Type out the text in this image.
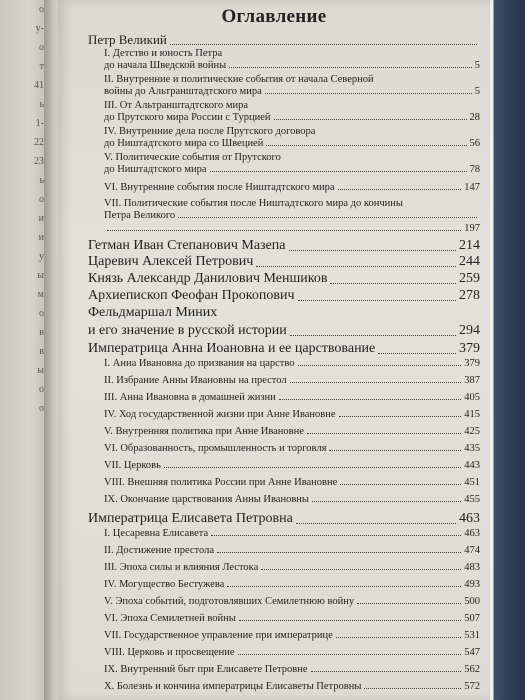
о
у-
о
т
41
ь
1-
22
23
ь
о
и
и
у
ы
м
о
в
в
ы
о
о
Оглавление
Петр Великий
I. Детство и юность Петра
до начала Шведской войны	5
II. Внутренние и политические события от начала Северной
войны до Альтранштадтского мира	5
III. От Альтранштадтского мира
до Прутского мира России с Турцией	28
IV. Внутренние дела после Прутского договора
до Ништадтского мира со Швецией	56
V. Политические события от Прутского
до Ништадтского мира	78
VI. Внутренние события после Ништадтского мира	147
VII. Политические события после Ништадтского мира до кончины
Петра Великого
197
Гетман Иван Степанович Мазепа	214
Царевич Алексей Петрович	244
Князь Александр Данилович Меншиков	259
Архиепископ Феофан Прокопович	278
Фельдмаршал Миних
и его значение в русской истории	294
Императрица Анна Иоановна и ее царствование	379
I. Анна Ивановна до призвания на царство	379
II. Избрание Анны Ивановны на престол	387
III. Анна Ивановна в домашней жизни	405
IV. Ход государственной жизни при Анне Ивановне	415
V. Внутренняя политика при Анне Ивановне	425
VI. Образованность, промышленность и торговля	435
VII. Церковь	443
VIII. Внешняя политика России при Анне Ивановне	451
IX. Окончание царствования Анны Ивановны	455
Императрица Елисавета Петровна	463
I. Цесаревна Елисавета	463
II. Достижение престола	474
III. Эпоха силы и влияния Лестока	483
IV. Могущество Бестужева	493
V. Эпоха событий, подготовлявших Семилетнюю войну	500
VI. Эпоха Семилетней войны	507
VII. Государственное управление при императрице	531
VIII. Церковь и просвещение	547
IX. Внутренний быт при Елисавете Петровне	562
X. Болезнь и кончина императрицы Елисаветы Петровны	572
